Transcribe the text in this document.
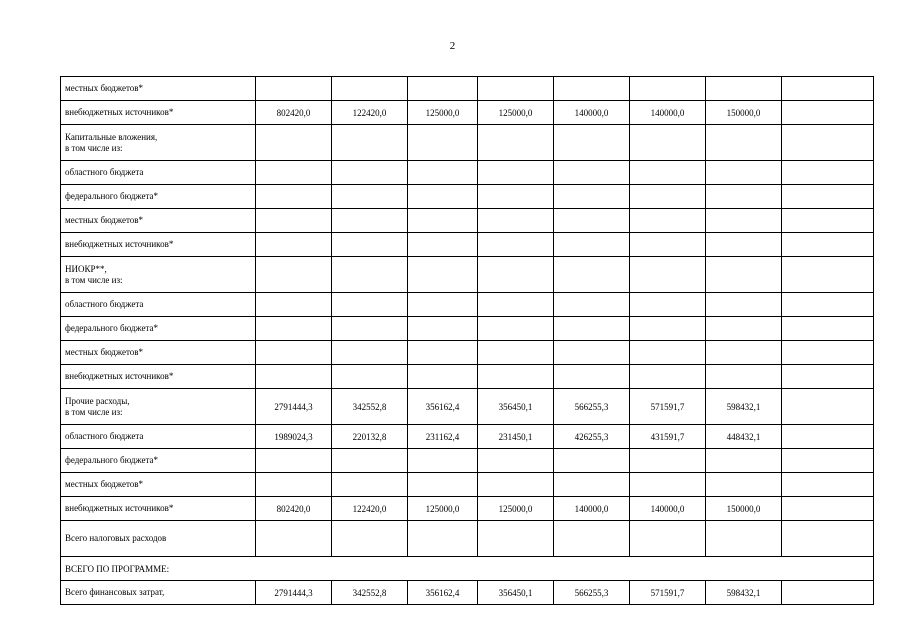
2
местных бюджетов*								

внебюджетных источников*	802420,0	122420,0	125000,0	125000,0	140000,0	140000,0	150000,0	

Капитальные вложения,
в том числе из:								

областного бюджета								

федерального бюджета*								

местных бюджетов*								

внебюджетных источников*								

НИОКР**,
в том числе из:								

областного бюджета								

федерального бюджета*								

местных бюджетов*								

внебюджетных источников*								

Прочие расходы,
в том числе из:	2791444,3	342552,8	356162,4	356450,1	566255,3	571591,7	598432,1	

областного бюджета	1989024,3	220132,8	231162,4	231450,1	426255,3	431591,7	448432,1	

федерального бюджета*								

местных бюджетов*								

внебюджетных источников*	802420,0	122420,0	125000,0	125000,0	140000,0	140000,0	150000,0	

Всего налоговых расходов								

ВСЕГО ПО ПРОГРАММЕ:								

Всего финансовых затрат,	2791444,3	342552,8	356162,4	356450,1	566255,3	571591,7	598432,1	
